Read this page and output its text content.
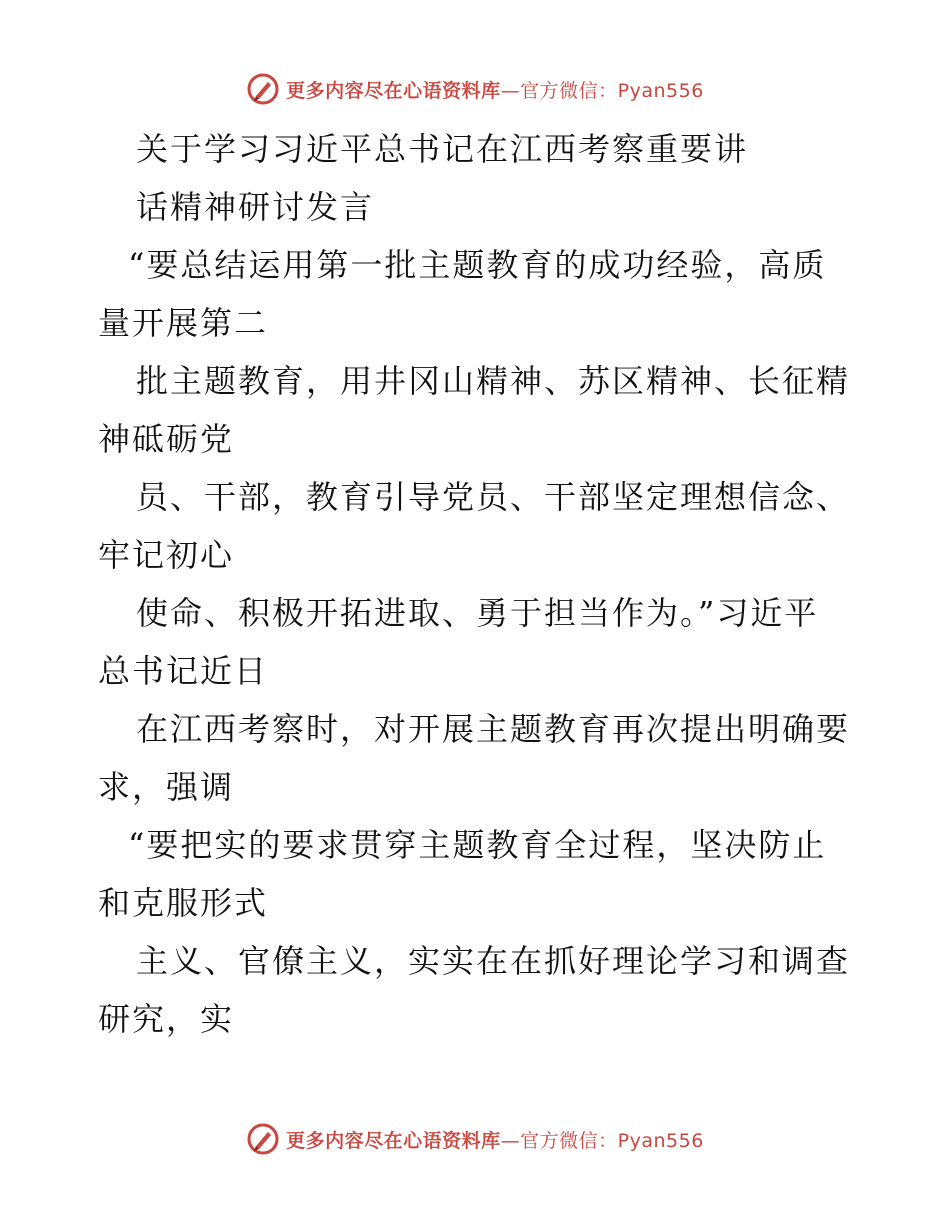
更多内容尽在心语资料库—官方微信：Pyan556
关于学习习近平总书记在江西考察重要讲
话精神研讨发言
“要总结运用第一批主题教育的成功经验，高质
量开展第二
批主题教育，用井冈山精神、苏区精神、长征精
神砥砺党
员、干部，教育引导党员、干部坚定理想信念、
牢记初心
使命、积极开拓进取、勇于担当作为。”习近平
总书记近日
在江西考察时，对开展主题教育再次提出明确要
求，强调
“要把实的要求贯穿主题教育全过程，坚决防止
和克服形式
主义、官僚主义，实实在在抓好理论学习和调查
研究，实
更多内容尽在心语资料库—官方微信：Pyan556
